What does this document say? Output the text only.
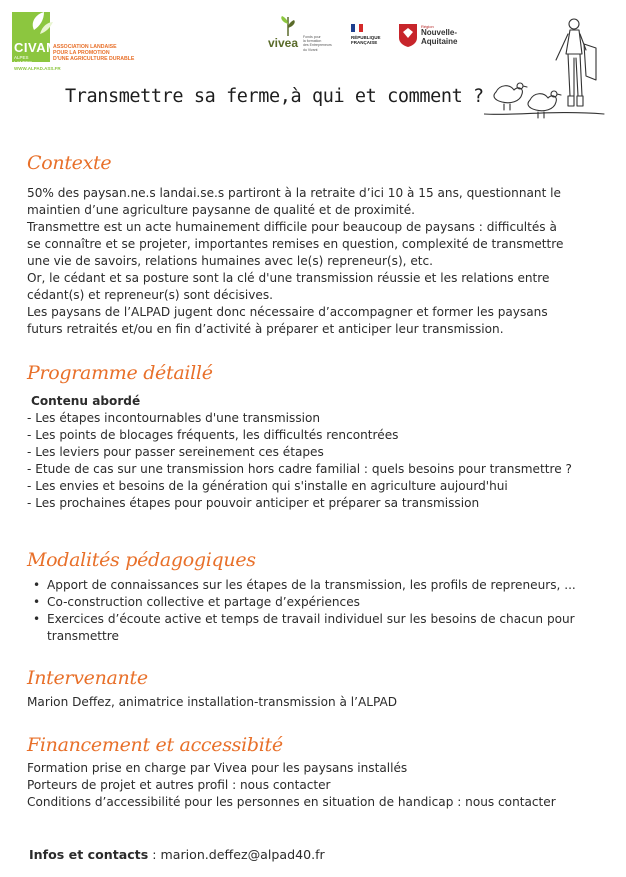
CIVAM
ALPES
LANDES
ASSOCIATION LANDAISE
POUR LA PROMOTION
D'UNE AGRICULTURE DURABLE
WWW.ALPAD.ASS.FR
vivea Fonds pour
la formation
des Entrepreneurs
du Vivant
RÉPUBLIQUE
FRANÇAISE
Région
Nouvelle-
Aquitaine
Transmettre sa ferme,à qui et comment ?
Contexte
50% des paysan.ne.s landai.se.s partiront à la retraite d’ici 10 à 15 ans, questionnant le
maintien d’une agriculture paysanne de qualité et de proximité.
Transmettre est un acte humainement difficile pour beaucoup de paysans : difficultés à
se connaître et se projeter, importantes remises en question, complexité de transmettre
une vie de savoirs, relations humaines avec le(s) repreneur(s), etc.
Or, le cédant et sa posture sont la clé d'une transmission réussie et les relations entre
cédant(s) et repreneur(s) sont décisives.
Les paysans de l’ALPAD jugent donc nécessaire d’accompagner et former les paysans
futurs retraités et/ou en fin d’activité à préparer et anticiper leur transmission.
Programme détaillé
Contenu abordé
- Les étapes incontournables d'une transmission
- Les points de blocages fréquents, les difficultés rencontrées
- Les leviers pour passer sereinement ces étapes
- Etude de cas sur une transmission hors cadre familial : quels besoins pour transmettre ?
- Les envies et besoins de la génération qui s'installe en agriculture aujourd'hui
- Les prochaines étapes pour pouvoir anticiper et préparer sa transmission
Modalités pédagogiques
• Apport de connaissances sur les étapes de la transmission, les profils de repreneurs, ...
• Co-construction collective et partage d’expériences
• Exercices d’écoute active et temps de travail individuel sur les besoins de chacun pour
transmettre
Intervenante
Marion Deffez, animatrice installation-transmission à l’ALPAD
Financement et accessibité
Formation prise en charge par Vivea pour les paysans installés
Porteurs de projet et autres profil : nous contacter
Conditions d’accessibilité pour les personnes en situation de handicap : nous contacter
Infos et contacts : marion.deffez@alpad40.fr
